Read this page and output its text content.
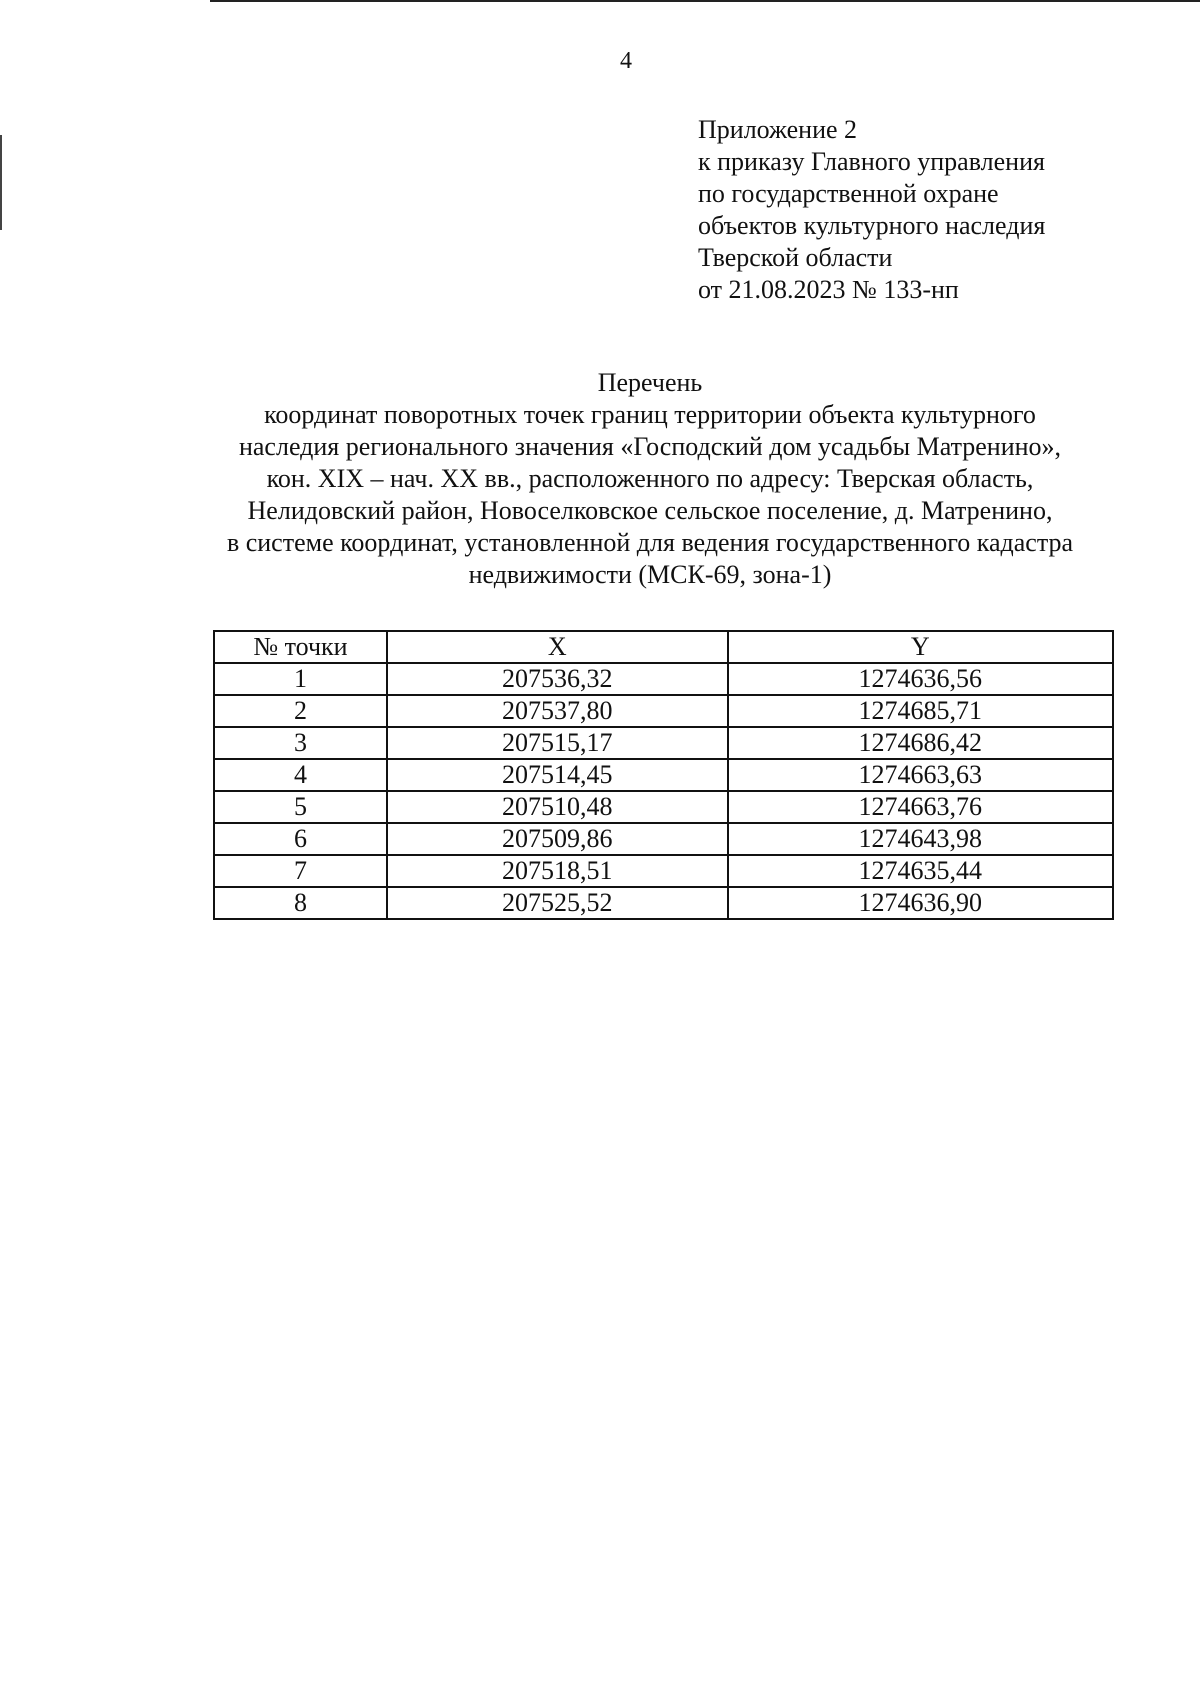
4
Приложение 2
к приказу Главного управления
по государственной охране
объектов культурного наследия
Тверской области
от 21.08.2023 № 133-нп
Перечень
координат поворотных точек границ территории объекта культурного
наследия регионального значения «Господский дом усадьбы Матренино»,
кон. XIX – нач. XX вв., расположенного по адресу: Тверская область,
Нелидовский район, Новоселковское сельское поселение, д. Матренино,
в системе координат, установленной для ведения государственного кадастра
недвижимости (МСК-69, зона-1)
№ точки	X	Y
1	207536,32	1274636,56
2	207537,80	1274685,71
3	207515,17	1274686,42
4	207514,45	1274663,63
5	207510,48	1274663,76
6	207509,86	1274643,98
7	207518,51	1274635,44
8	207525,52	1274636,90
